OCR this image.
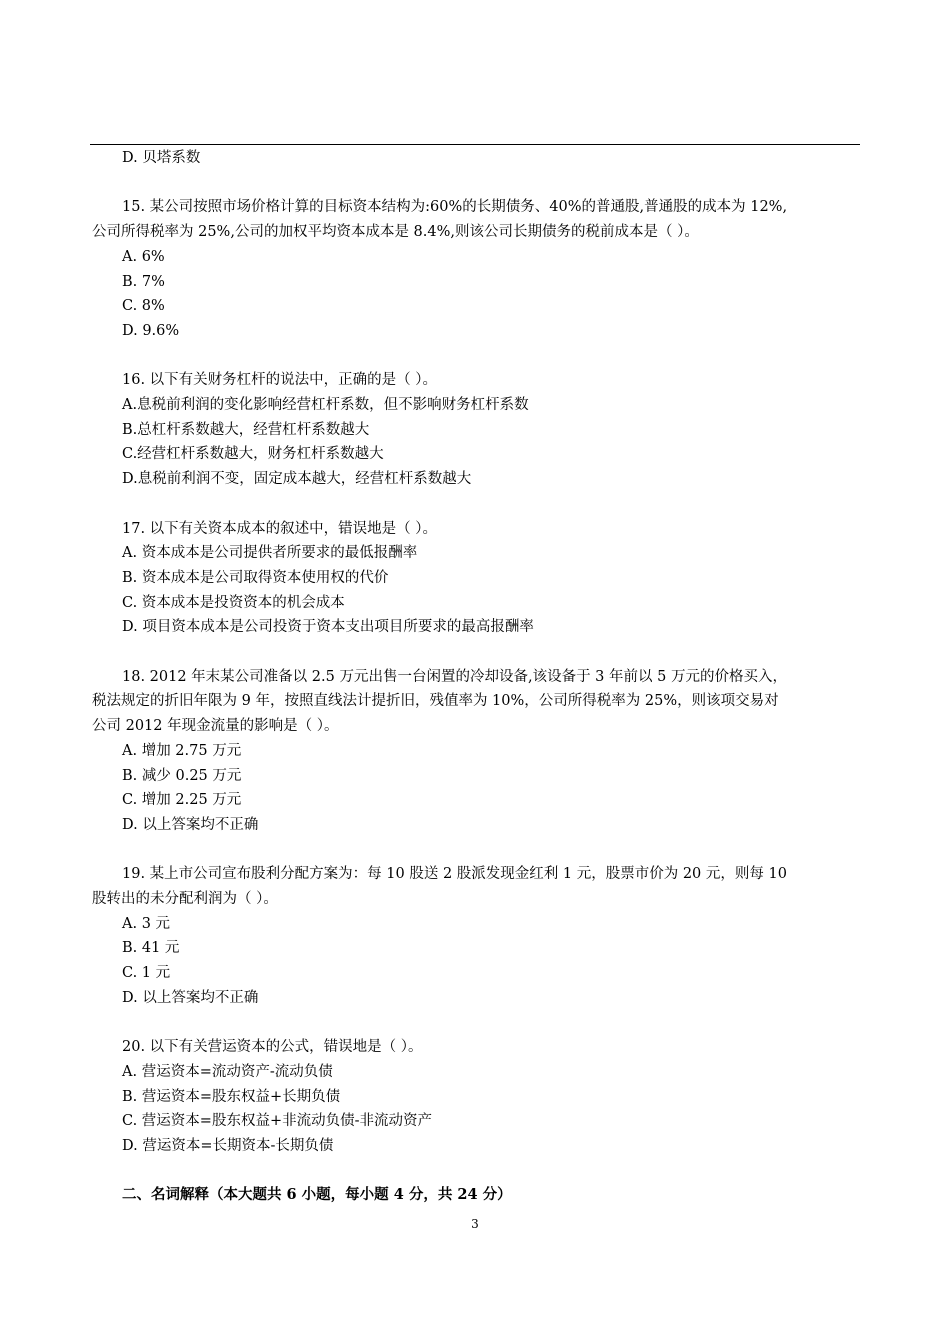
D. 贝塔系数
15. 某公司按照市场价格计算的目标资本结构为:60%的长期债务、40%的普通股,普通股的成本为 12%,
公司所得税率为 25%,公司的加权平均资本成本是 8.4%,则该公司长期债务的税前成本是（ ）。
A. 6%
B. 7%
C. 8%
D. 9.6%
16. 以下有关财务杠杆的说法中，正确的是（ ）。
A.息税前利润的变化影响经营杠杆系数，但不影响财务杠杆系数
B.总杠杆系数越大，经营杠杆系数越大
C.经营杠杆系数越大，财务杠杆系数越大
D.息税前利润不变，固定成本越大，经营杠杆系数越大
17. 以下有关资本成本的叙述中，错误地是（ ）。
A. 资本成本是公司提供者所要求的最低报酬率
B. 资本成本是公司取得资本使用权的代价
C. 资本成本是投资资本的机会成本
D. 项目资本成本是公司投资于资本支出项目所要求的最高报酬率
18. 2012 年末某公司准备以 2.5 万元出售一台闲置的冷却设备,该设备于 3 年前以 5 万元的价格买入，
税法规定的折旧年限为 9 年，按照直线法计提折旧，残值率为 10%，公司所得税率为 25%，则该项交易对
公司 2012 年现金流量的影响是（ ）。
A. 增加 2.75 万元
B. 减少 0.25 万元
C. 增加 2.25 万元
D. 以上答案均不正确
19. 某上市公司宣布股利分配方案为：每 10 股送 2 股派发现金红利 1 元，股票市价为 20 元，则每 10
股转出的未分配利润为（ ）。
A. 3 元
B. 41 元
C. 1 元
D. 以上答案均不正确
20. 以下有关营运资本的公式，错误地是（ ）。
A. 营运资本=流动资产-流动负债
B. 营运资本=股东权益+长期负债
C. 营运资本=股东权益+非流动负债-非流动资产
D. 营运资本=长期资本-长期负债
二、名词解释（本大题共 6 小题，每小题 4 分，共 24 分）
3
